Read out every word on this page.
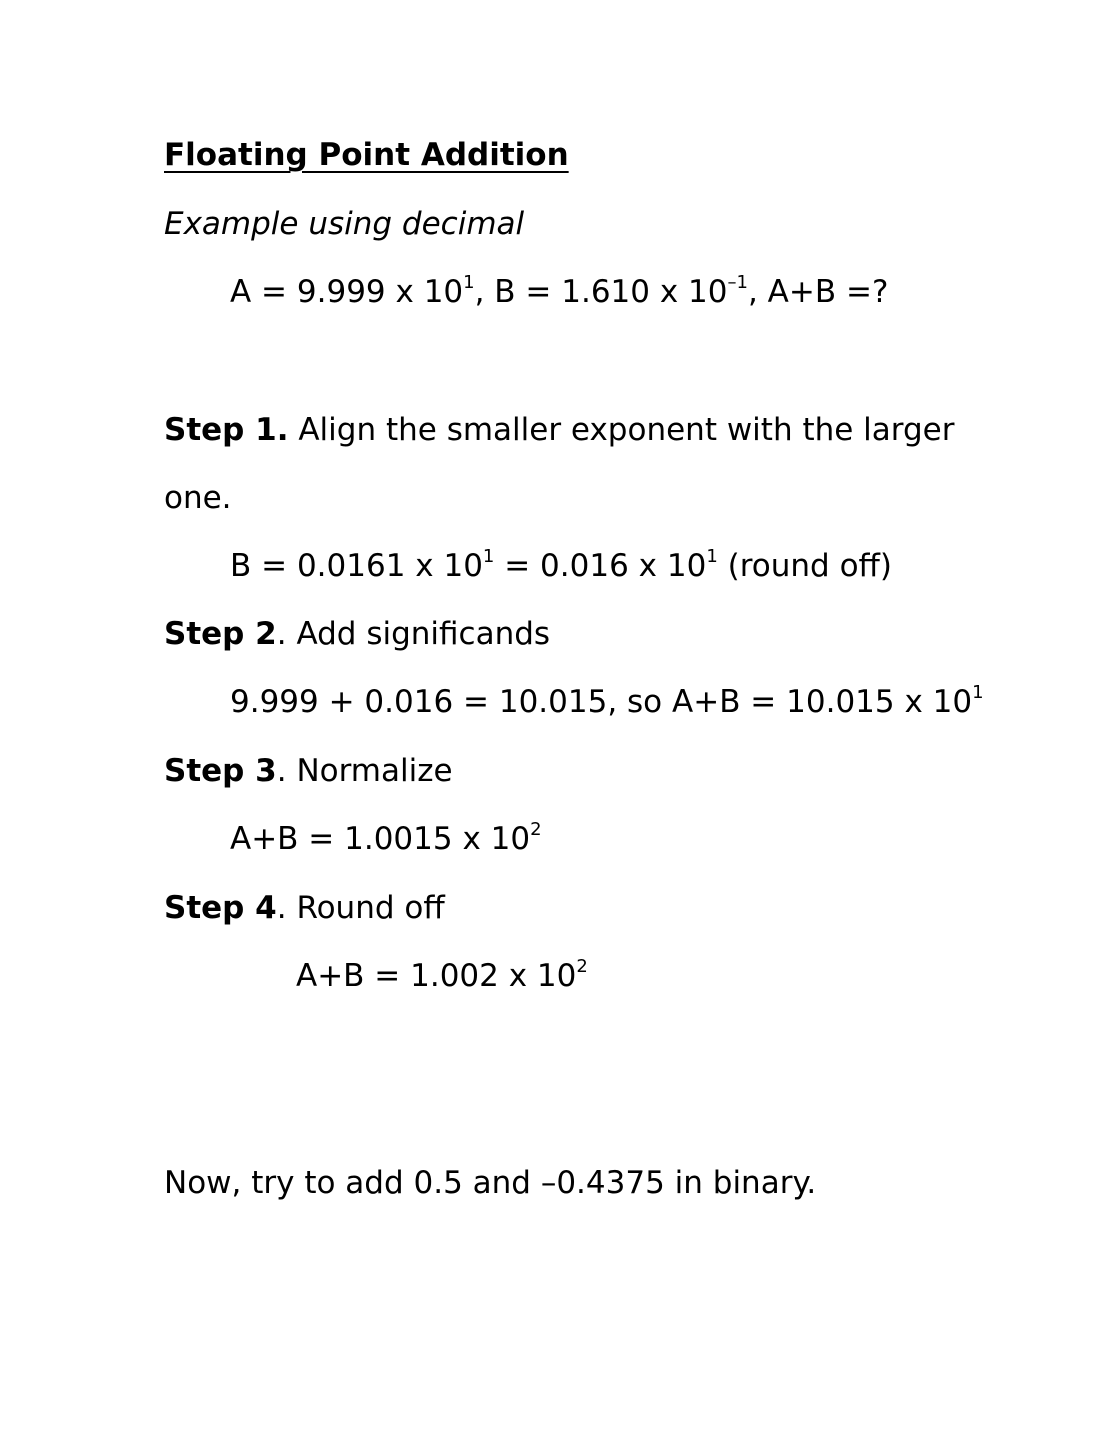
Floating Point Addition
Example using decimal
A = 9.999 x $10^1$, B = 1.610 x $10^{-1}$, A+B =?
Step 1. Align the smaller exponent with the larger
one.
B = 0.0161 x $10^1 = 0.016$ x $10^1$ (round off)
Step 2. Add significands
9.999 + 0.016 = 10.015, so A+B = 10.015 x $10^1$
Step 3. Normalize
A+B = 1.0015 x $10^2$
Step 4. Round off
A+B = 1.002 x $10^2$
Now, try to add 0.5 and –0.4375 in binary.
